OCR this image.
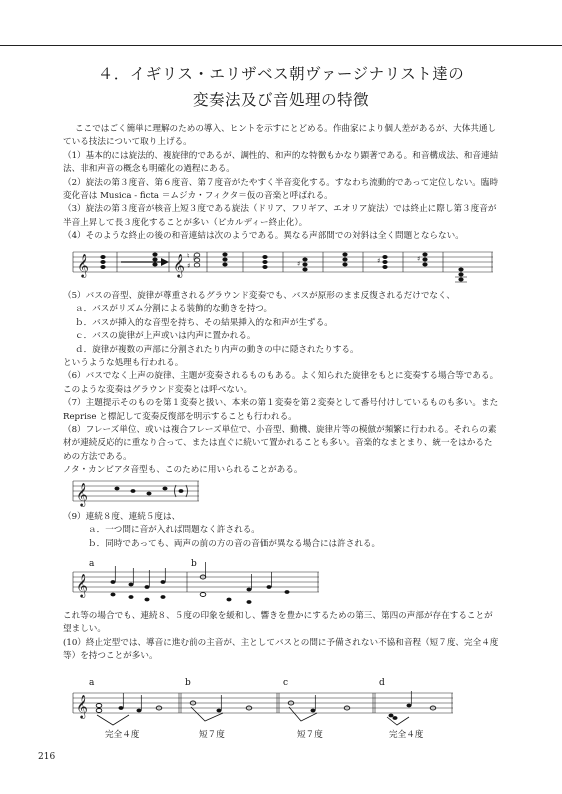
４．イギリス・エリザベス朝ヴァージナリスト達の
変奏法及び音処理の特徴

ここではごく簡単に理解のための導入、ヒントを示すにとどめる。作曲家により個人差があるが、大体共通し

ている技法について取り上げる。

（1）基本的には旋法的、複旋律的であるが、調性的、和声的な特徴もかなり顕著である。和音構成法、和音連結

法、非和声音の概念も明確化の過程にある。

（2）旋法の第３度音、第６度音、第７度音がたやすく半音変化する。すなわち流動的であって定位しない。臨時

変化音は Musica - ficta ＝ムジカ・フィクタ＝仮の音楽と呼ばれる。

（3）旋法の第３度音が核音上短３度である旋法（ドリア、フリギア、エオリア旋法）では終止に際し第３度音が

半音上昇して長３度化することが多い（ピカルディー終止化）。

（4）そのような終止の後の和音連結は次のようである。異なる声部間での対斜は全く問題とならない。

𝄞	𝄞 ♮
♯
♭
♯	♯	♯

（5）バスの音型、旋律が尊重されるグラウンド変奏でも、バスが原形のまま反復されるだけでなく、

ａ．バスがリズム分割による装飾的な動きを持つ。

ｂ．バスが挿入的な音型を持ち、その結果挿入的な和声が生ずる。

ｃ．バスの旋律が上声或いは内声に置かれる。

ｄ．旋律が複数の声部に分割されたり内声の動きの中に隠されたりする。

というような処理も行われる。

（6）バスでなく上声の旋律、主題が変奏されるものもある。よく知られた旋律をもとに変奏する場合等である。

このような変奏はグラウンド変奏とは呼べない。

（7）主題提示そのものを第１変奏と扱い、本来の第１変奏を第２変奏として番号付けしているものも多い。また

Reprise と標記して変奏反復部を明示することも行われる。

（8）フレーズ単位、或いは複合フレーズ単位で、小音型、動機、旋律片等の模倣が頻繁に行われる。それらの素

材が連続反応的に重なり合って、または直ぐに続いて置かれることも多い。音楽的なまとまり、統一をはかるた

めの方法である。

ノタ・カンビアタ音型も、このために用いられることがある。

𝄞

（9）連続８度、連続５度は、

ａ．一つ間に音が入れば問題なく許される。

ｂ．同時であっても、両声の前の方の音の音価が異なる場合には許される。

a	b
𝄞

これ等の場合でも、連続８、５度の印象を緩和し、響きを豊かにするための第三、第四の声部が存在することが

望ましい。

(10）終止定型では、導音に進む前の主音が、主としてバスとの間に予備されない不協和音程（短７度、完全４度

等）を持つことが多い。

a	b	c	d
𝄞
完全４度	短７度	短７度	完全４度
216
